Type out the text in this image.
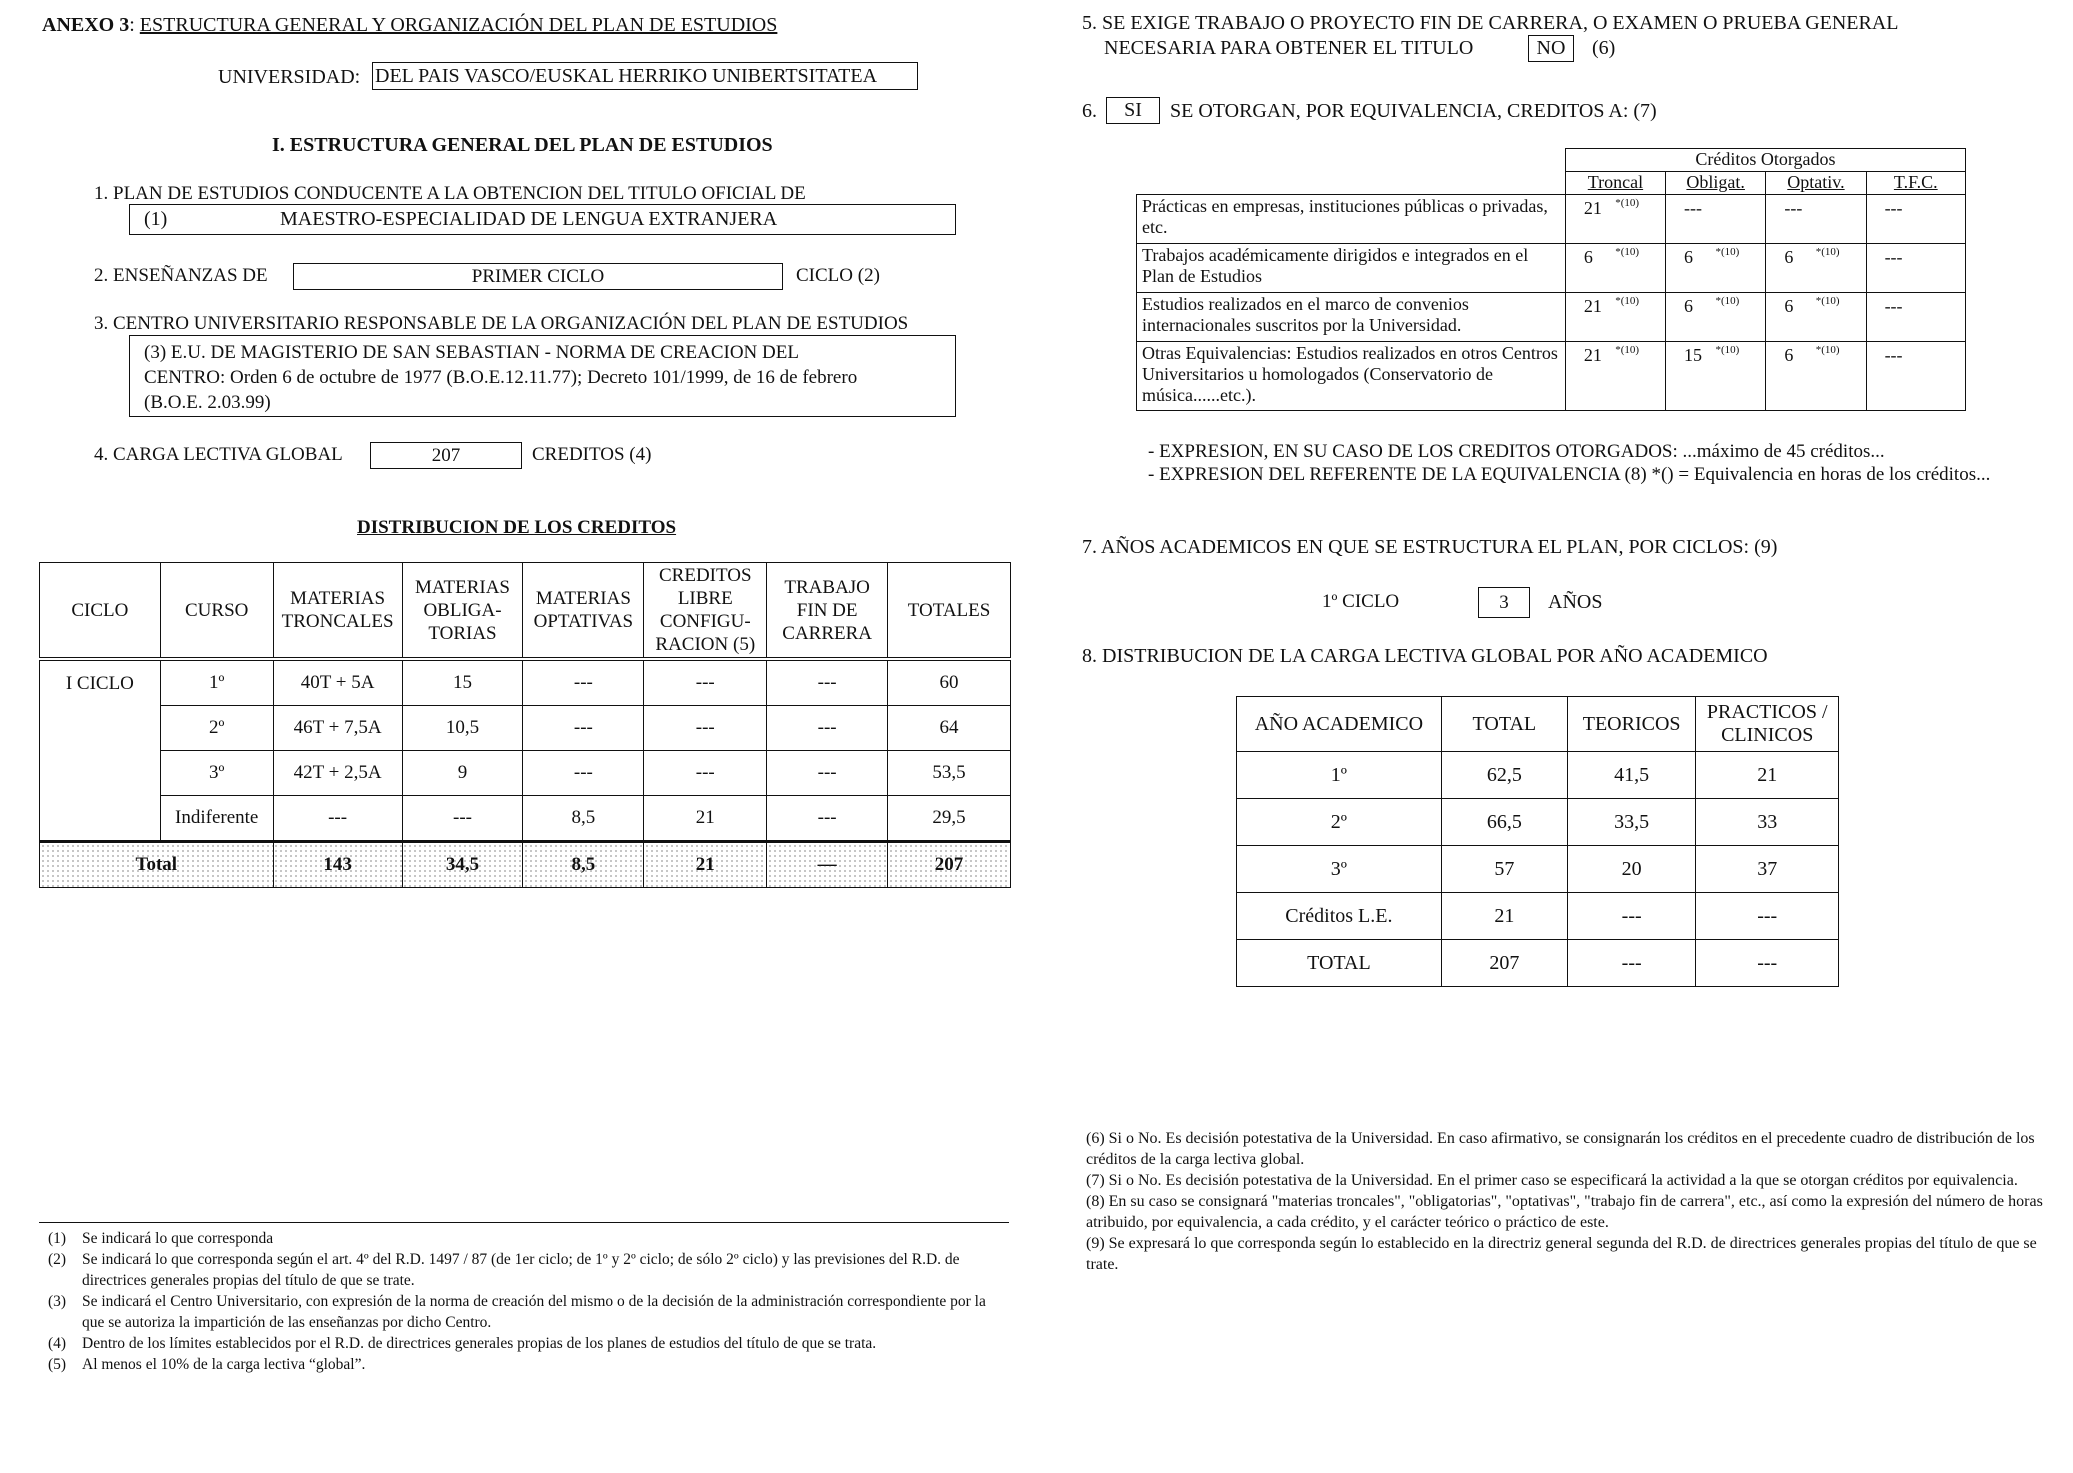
ANEXO 3: ESTRUCTURA GENERAL Y ORGANIZACIÓN DEL PLAN DE ESTUDIOS
UNIVERSIDAD: DEL PAIS VASCO/EUSKAL HERRIKO UNIBERTSITATEA
I. ESTRUCTURA GENERAL DEL PLAN DE ESTUDIOS
1. PLAN DE ESTUDIOS CONDUCENTE A LA OBTENCION DEL TITULO OFICIAL DE
(1)	MAESTRO-ESPECIALIDAD DE LENGUA EXTRANJERA
2. ENSEÑANZAS DE	PRIMER CICLO	CICLO (2)
3. CENTRO UNIVERSITARIO RESPONSABLE DE LA ORGANIZACIÓN DEL PLAN DE ESTUDIOS
(3) E.U. DE MAGISTERIO DE SAN SEBASTIAN - NORMA DE CREACION DEL
CENTRO: Orden 6 de octubre de 1977 (B.O.E.12.11.77); Decreto 101/1999, de 16 de febrero
(B.O.E. 2.03.99)
4. CARGA LECTIVA GLOBAL	207	CREDITOS (4)
DISTRIBUCION DE LOS CREDITOS
CICLO	CURSO	MATERIAS TRONCALES	MATERIAS OBLIGA- TORIAS	MATERIAS OPTATIVAS	CREDITOS LIBRE CONFIGU- RACION (5)	TRABAJO FIN DE CARRERA	TOTALES
I CICLO	1º	40T + 5A	15	---	---	---	60
	2º	46T + 7,5A	10,5	---	---	---	64
	3º	42T + 2,5A	9	---	---	---	53,5
	Indiferente	---	---	8,5	21	---	29,5
Total		143	34,5	8,5	21	—	207
(1)	Se indicará lo que corresponda
(2)	Se indicará lo que corresponda según el art. 4º del R.D. 1497 / 87 (de 1er ciclo; de 1º y 2º ciclo; de sólo 2º ciclo) y las previsiones del R.D. de directrices generales propias del título de que se trate.
(3)	Se indicará el Centro Universitario, con expresión de la norma de creación del mismo o de la decisión de la administración correspondiente por la que se autoriza la impartición de las enseñanzas por dicho Centro.
(4)	Dentro de los límites establecidos por el R.D. de directrices generales propias de los planes de estudios del título de que se trata.
(5)	Al menos el 10% de la carga lectiva “global”.
5. SE EXIGE TRABAJO O PROYECTO FIN DE CARRERA, O EXAMEN O PRUEBA GENERAL
NECESARIA PARA OBTENER EL TITULO	NO	(6)
6.	SI	SE OTORGAN, POR EQUIVALENCIA, CREDITOS A: (7)
	Créditos Otorgados			
	Troncal	Obligat.	Optativ.	T.F.C.
Prácticas en empresas, instituciones públicas o privadas, etc.	21 *(10)	---	---	---
Trabajos académicamente dirigidos e integrados en el Plan de Estudios	6 *(10)	6 *(10)	6 *(10)	---
Estudios realizados en el marco de convenios internacionales suscritos por la Universidad.	21 *(10)	6 *(10)	6 *(10)	---
Otras Equivalencias: Estudios realizados en otros Centros Universitarios u homologados (Conservatorio de música......etc.).	21 *(10)	15 *(10)	6 *(10)	---
- EXPRESION, EN SU CASO DE LOS CREDITOS OTORGADOS: ...máximo de 45 créditos...
- EXPRESION DEL REFERENTE DE LA EQUIVALENCIA (8) *() = Equivalencia en horas de los créditos...
7. AÑOS ACADEMICOS EN QUE SE ESTRUCTURA EL PLAN, POR CICLOS: (9)
1º CICLO	3	AÑOS
8. DISTRIBUCION DE LA CARGA LECTIVA GLOBAL POR AÑO ACADEMICO
AÑO ACADEMICO	TOTAL	TEORICOS	PRACTICOS / CLINICOS
1º	62,5	41,5	21
2º	66,5	33,5	33
3º	57	20	37
Créditos L.E.	21	---	---
TOTAL	207	---	---
(6) Si o No. Es decisión potestativa de la Universidad. En caso afirmativo, se consignarán los créditos en el precedente cuadro de distribución de los créditos de la carga lectiva global.
(7) Si o No. Es decisión potestativa de la Universidad. En el primer caso se especificará la actividad a la que se otorgan créditos por equivalencia.
(8) En su caso se consignará "materias troncales", "obligatorias", "optativas", "trabajo fin de carrera", etc., así como la expresión del número de horas atribuido, por equivalencia, a cada crédito, y el carácter teórico o práctico de este.
(9) Se expresará lo que corresponda según lo establecido en la directriz general segunda del R.D. de directrices generales propias del título de que se trate.
